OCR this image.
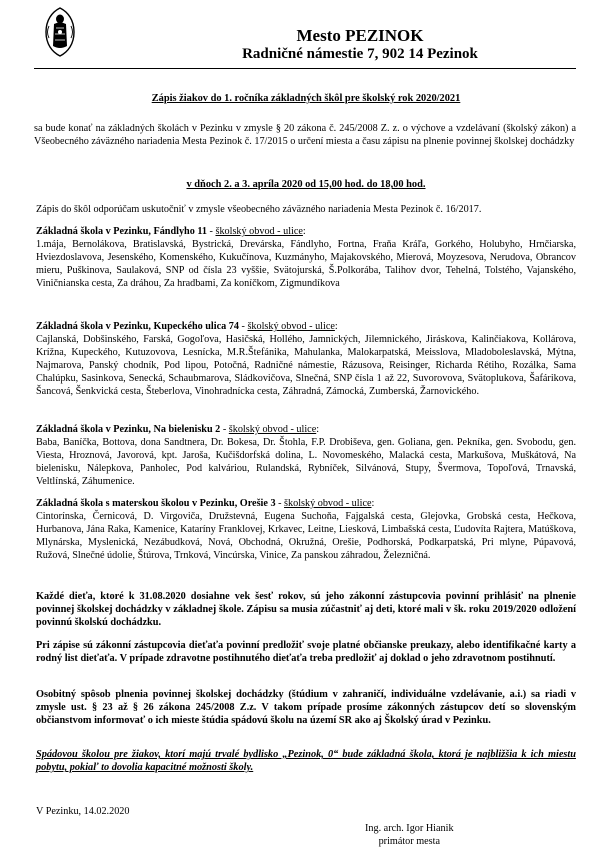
Mesto PEZINOK
Radničné námestie 7, 902 14 Pezinok
Zápis žiakov do 1. ročníka základných škôl pre školský rok 2020/2021
sa bude konať na základných školách v Pezinku v zmysle § 20 zákona č. 245/2008 Z. z. o výchove a vzdelávaní (školský zákon) a Všeobecného záväzného nariadenia Mesta Pezinok č. 17/2015 o určení miesta a času zápisu na plnenie povinnej školskej dochádzky
v dňoch 2. a 3. apríla 2020 od 15,00 hod. do 18,00 hod.
Zápis do škôl odporúčam uskutočniť v zmysle všeobecného záväzného nariadenia Mesta Pezinok č. 16/2017.
Základná škola v Pezinku, Fándlyho 11 - školský obvod - ulice:
1.mája, Bernolákova, Bratislavská, Bystrická, Drevárska, Fándlyho, Fortna, Fraňa Kráľa, Gorkého, Holubyho, Hrnčiarska, Hviezdoslavova, Jesenského, Komenského, Kukučínova, Kuzmányho, Majakovského, Mierová, Moyzesova, Nerudova, Obrancov mieru, Puškinova, Saulaková, SNP od čísla 23 vyššie, Svätojurská, Š.Polkorába, Talihov dvor, Tehelná, Tolstého, Vajanského, Viničnianska cesta, Za dráhou, Za hradbami, Za koníčkom, Zigmundíkova
Základná škola v Pezinku, Kupeckého ulica 74 - školský obvod - ulice:
Cajlanská, Dobšinského, Farská, Gogoľova, Hasičská, Hollého, Jamnických, Jilemnického, Jiráskova, Kalinčiakova, Kollárova, Krížna, Kupeckého, Kutuzovova, Lesnícka, M.R.Štefánika, Mahulanka, Malokarpatská, Meisslova, Mladoboleslavská, Mýtna, Najmarova, Panský chodník, Pod lipou, Potočná, Radničné námestie, Rázusova, Reisinger, Richarda Rétiho, Rozálka, Sama Chalúpku, Sasinkova, Senecká, Schaubmarova, Sládkovičova, Slnečná, SNP čísla 1 až 22, Suvorovova, Svätoplukova, Šafárikova, Šancová, Šenkvická cesta, Šteberlova, Vinohradnícka cesta, Záhradná, Zámocká, Zumberská, Žarnovického.
Základná škola v Pezinku, Na bielenisku 2 - školský obvod - ulice:
Baba, Baníčka, Bottova, dona Sandtnera, Dr. Bokesa, Dr. Štohla, F.P. Drobiševa, gen. Goliana, gen. Pekníka, gen. Svobodu, gen. Viesta, Hroznová, Javorová, kpt. Jaroša, Kučišdorfská dolina, L. Novomeského, Malacká cesta, Markušova, Muškátová, Na bielenisku, Nálepkova, Panholec, Pod kalváriou, Rulandská, Rybníček, Silvánová, Stupy, Švermova, Topoľová, Trnavská, Veltlínská, Záhumenice.
Základná škola s materskou školou v Pezinku, Orešie 3 - školský obvod - ulice:
Cintorínska, Černicová, D. Virgoviča, Družstevná, Eugena Suchoňa, Fajgalská cesta, Glejovka, Grobská cesta, Hečkova, Hurbanova, Jána Raka, Kamenice, Kataríny Franklovej, Krkavec, Leitne, Liesková, Limbašská cesta, Ľudovíta Rajtera, Matúškova, Mlynárska, Myslenická, Nezábudková, Nová, Obchodná, Okružná, Orešie, Podhorská, Podkarpatská, Pri mlyne, Púpavová, Ružová, Slnečné údolie, Štúrova, Trnková, Vincúrska, Vinice, Za panskou záhradou, Železničná.
Každé dieťa, ktoré k 31.08.2020 dosiahne vek šesť rokov, sú jeho zákonní zástupcovia povinní prihlásiť na plnenie povinnej školskej dochádzky v základnej škole. Zápisu sa musia zúčastniť aj deti, ktoré mali v šk. roku 2019/2020 odložení povinnú školskú dochádzku.
Pri zápise sú zákonní zástupcovia dieťaťa povinní predložiť svoje platné občianske preukazy, alebo identifikačné karty a rodný list dieťaťa. V prípade zdravotne postihnutého dieťaťa treba predložiť aj doklad o jeho zdravotnom postihnutí.
Osobitný spôsob plnenia povinnej školskej dochádzky (štúdium v zahraničí, individuálne vzdelávanie, a.i.) sa riadi v zmysle ust. § 23 až § 26 zákona 245/2008 Z.z. V takom prípade prosíme zákonných zástupcov detí so slovenským občianstvom informovať o ich mieste štúdia spádovú školu na území SR ako aj Školský úrad v Pezinku.
Spádovou školou pre žiakov, ktorí majú trvalé bydlisko „Pezinok, 0“ bude základná škola, ktorá je najbližšia k ich miestu pobytu, pokiaľ to dovolia kapacitné možnosti školy.
V Pezinku, 14.02.2020
Ing. arch. Igor Hianik
primátor mesta
